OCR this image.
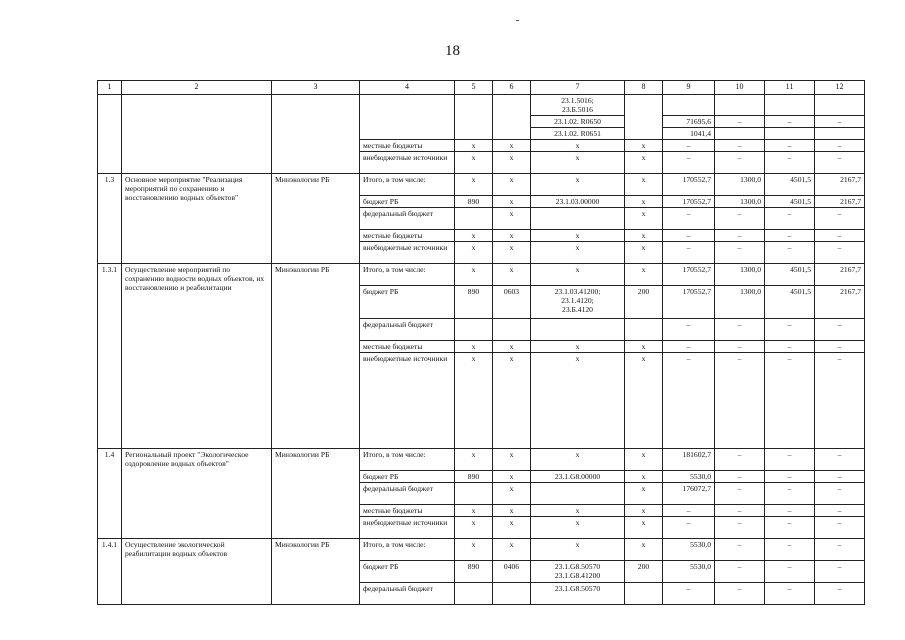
18
1	2	3	4	5	6	7	8	9	10	11	12

						23.1.5016;
23.Б.5016					

						23.1.02. R0650		71695,6	–	–	–
						23.1.02. R0651		1041,4			
			местные бюджеты	х	х	х	х	–	–	–	–
			внебюджетные источники	х	х	х	х	–	–	–	–
1.3	Основное мероприятие "Реализация мероприятий по сохранению и восстановлению водных объектов"	Минэкологии РБ	Итого, в том числе:	х	х	х	х	170552,7	1300,0	4501,5	2167,7
			бюджет РБ	890	х	23.1.03.00000	х	170552,7	1300,0	4501,5	2167,7
			федеральный бюджет		х		х	–	–	–	–
			местные бюджеты	х	х	х	х	–	–	–	–
			внебюджетные источники	х	х	х	х	–	–	–	–
1.3.1	Осуществление мероприятий по сохранению водности водных объектов, их восстановлению и реабилитации	Минэкологии РБ	Итого, в том числе:	х	х	х	х	170552,7	1300,0	4501,5	2167,7
			бюджет РБ	890	0603	23.1.03.41200;
23.1.4120;
23.Б.4120	200	170552,7	1300,0	4501,5	2167,7
			федеральный бюджет					–	–	–	–
			местные бюджеты	х	х	х	х	–	–	–	–
			внебюджетные источники	х	х	х	х	–	–	–	–
1.4	Региональный проект "Экологическое оздоровление водных объектов"	Минэкологии РБ	Итого, в том числе:	х	х	х	х	181602,7	–	–	–
			бюджет РБ	890	х	23.1.G8.00000	х	5530,0	–	–	–
			федеральный бюджет		х		х	176072,7	–	–	–
			местные бюджеты	х	х	х	х	–	–	–	–
			внебюджетные источники	х	х	х	х	–	–	–	–
1.4.1	Осуществление экологической реабилитации водных объектов	Минэкологии РБ	Итого, в том числе:	х	х	х	х	5530,0	–	–	–
			бюджет РБ	890	0406	23.1.G8.50570
23.1.G8.41200	200	5530,0	–	–	–
			федеральный бюджет			23.1.G8.50570		–	–	–	–
